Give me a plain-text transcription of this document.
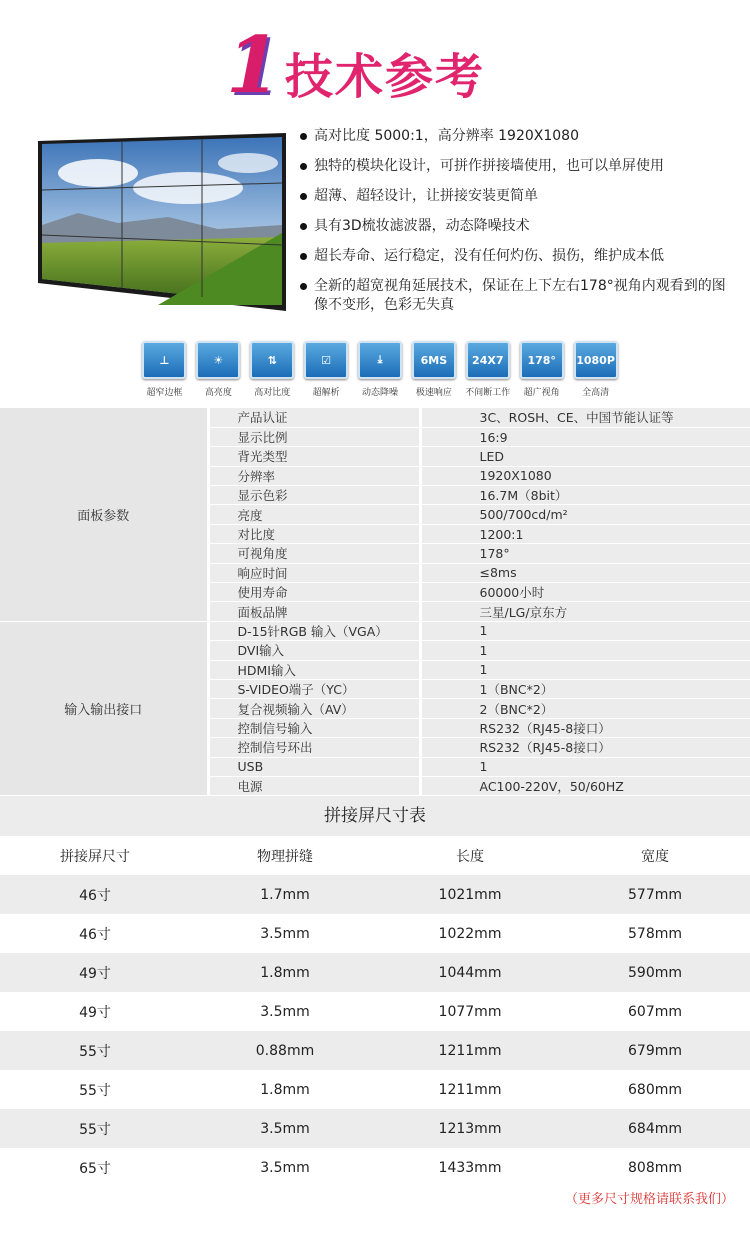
1 技术参考
高对比度 5000:1，高分辨率 1920X1080
独特的模块化设计，可拼作拼接墙使用，也可以单屏使用
超薄、超轻设计，让拼接安装更简单
具有3D梳妆滤波器，动态降噪技术
超长寿命、运行稳定，没有任何灼伤、损伤，维护成本低
全新的超宽视角延展技术，保证在上下左右178°视角内观看到的图像不变形，色彩无失真
⊥
超窄边框
☀
高亮度
⇅
高对比度
☑
超解析
⤓
动态降噪
6MS
极速响应
24X7
不间断工作
178°
超广视角
1080P
全高清
面板参数	产品认证	3C、ROSH、CE、中国节能认证等
	显示比例	16:9
	背光类型	LED
	分辨率	1920X1080
	显示色彩	16.7M（8bit）
	亮度	500/700cd/m²
	对比度	1200:1
	可视角度	178°
	响应时间	≤8ms
	使用寿命	60000小时
	面板品牌	三星/LG/京东方
输入输出接口	D-15针RGB 输入（VGA）	1
	DVI输入	1
	HDMI输入	1
	S-VIDEO端子（YC）	1（BNC*2）
	复合视频输入（AV）	2（BNC*2）
	控制信号输入	RS232（RJ45-8接口）
	控制信号环出	RS232（RJ45-8接口）
	USB	1
	电源	AC100-220V，50/60HZ
拼接屏尺寸表
拼接屏尺寸	物理拼缝	长度	宽度
46寸	1.7mm	1021mm	577mm
46寸	3.5mm	1022mm	578mm
49寸	1.8mm	1044mm	590mm
49寸	3.5mm	1077mm	607mm
55寸	0.88mm	1211mm	679mm
55寸	1.8mm	1211mm	680mm
55寸	3.5mm	1213mm	684mm
65寸	3.5mm	1433mm	808mm
（更多尺寸规格请联系我们）
